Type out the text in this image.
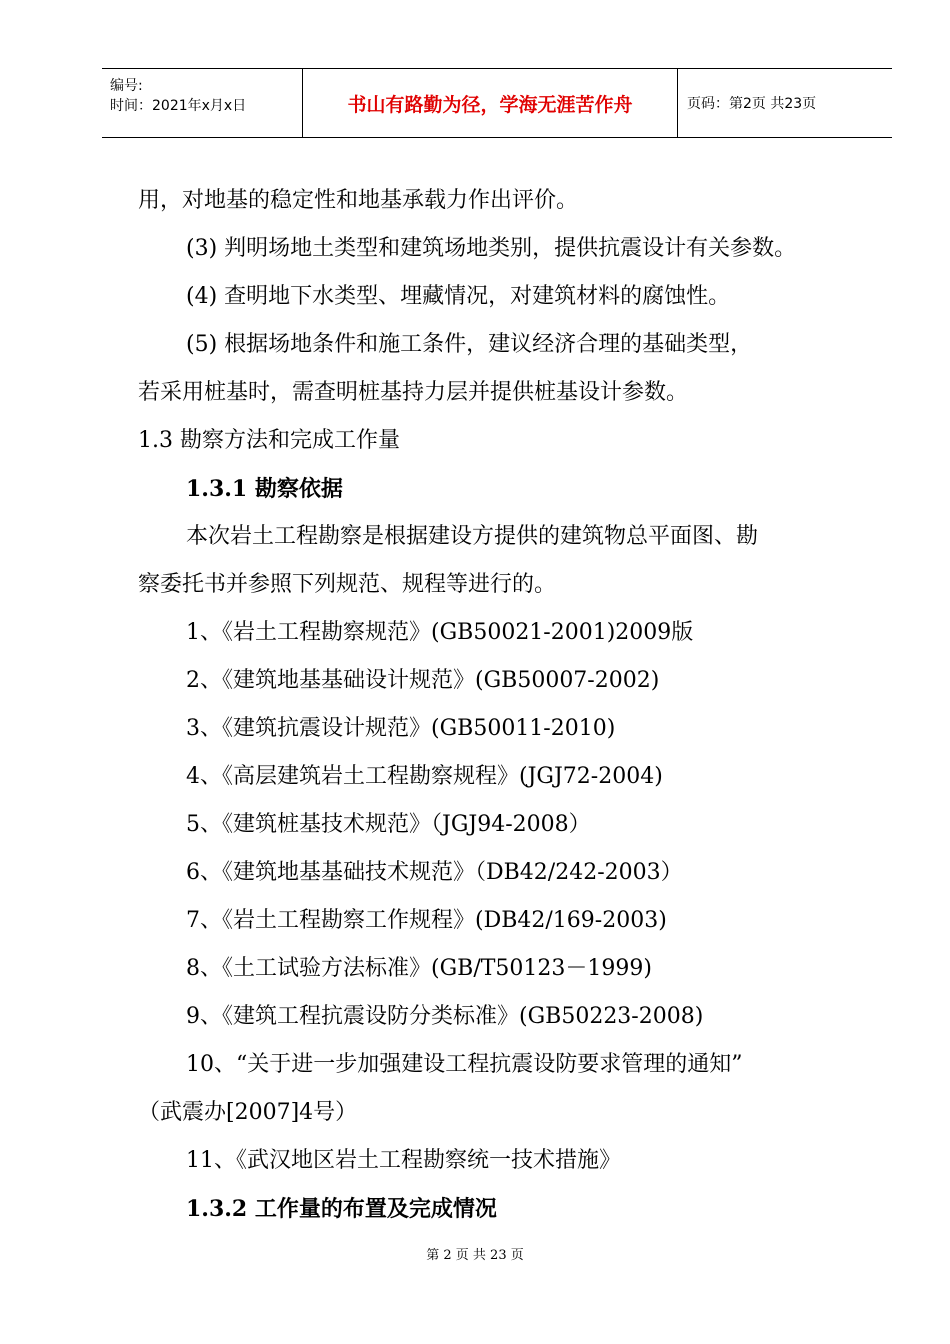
编号:
时间：2021年x月x日	书山有路勤为径，学海无涯苦作舟	页码：第2页 共23页
用，对地基的稳定性和地基承载力作出评价。
(3) 判明场地土类型和建筑场地类别，提供抗震设计有关参数。
(4) 查明地下水类型、埋藏情况，对建筑材料的腐蚀性。
(5) 根据场地条件和施工条件，建议经济合理的基础类型，
若采用桩基时，需查明桩基持力层并提供桩基设计参数。
1.3 勘察方法和完成工作量
1.3.1 勘察依据
本次岩土工程勘察是根据建设方提供的建筑物总平面图、勘
察委托书并参照下列规范、规程等进行的。
1、《岩土工程勘察规范》(GB50021-2001)2009版
2、《建筑地基基础设计规范》(GB50007-2002)
3、《建筑抗震设计规范》(GB50011-2010)
4、《高层建筑岩土工程勘察规程》(JGJ72-2004)
5、《建筑桩基技术规范》（JGJ94-2008）
6、《建筑地基基础技术规范》（DB42/242-2003）
7、《岩土工程勘察工作规程》(DB42/169-2003)
8、《土工试验方法标准》(GB/T50123－1999)
9、《建筑工程抗震设防分类标准》(GB50223-2008)
10、“关于进一步加强建设工程抗震设防要求管理的通知”
（武震办[2007]4号）
11、《武汉地区岩土工程勘察统一技术措施》
1.3.2 工作量的布置及完成情况
第 2 页 共 23 页
